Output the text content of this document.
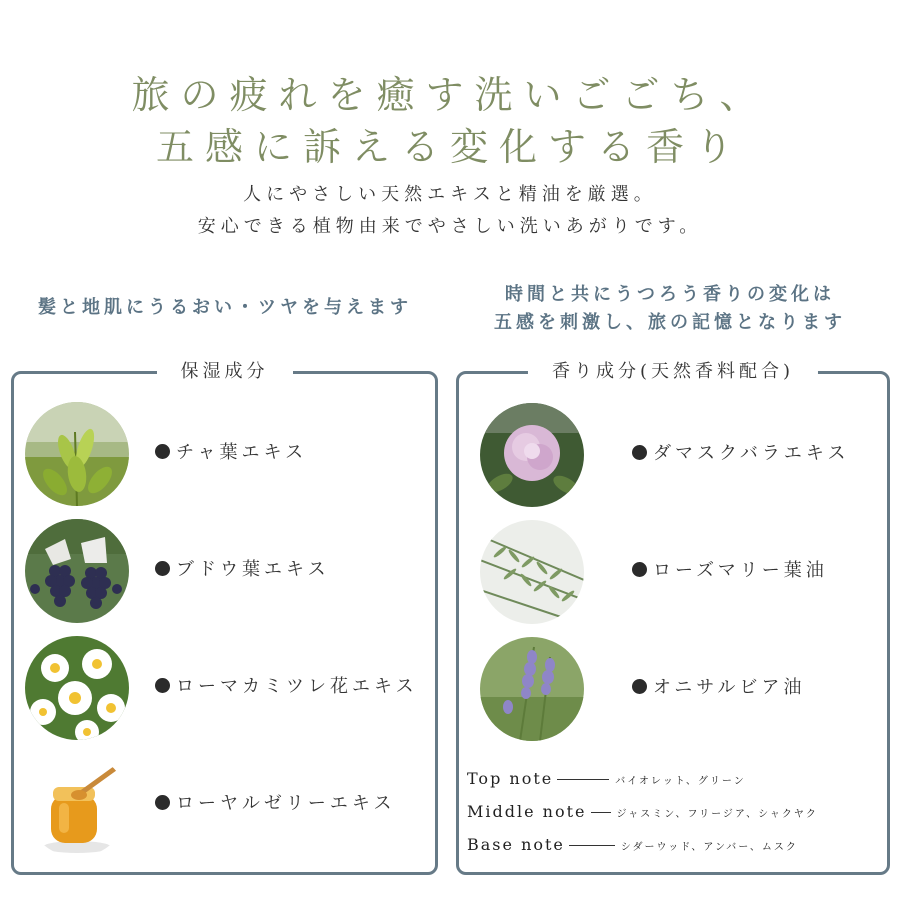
旅の疲れを癒す洗いごごち、
五感に訴える変化する香り

人にやさしい天然エキスと精油を厳選。

安心できる植物由来でやさしい洗いあがりです。

髪と地肌にうるおい・ツヤを与えます

時間と共にうつろう香りの変化は
五感を刺激し、旅の記憶となります

保湿成分
チャ葉エキス
ブドウ葉エキス
ローマカミツレ花エキス
ローヤルゼリーエキス
香り成分(天然香料配合)
ダマスクバラエキス
ローズマリー葉油
オニサルビア油
Top note	バイオレット、グリーン
Middle note	ジャスミン、フリージア、シャクヤク
Base note	シダーウッド、アンバー、ムスク
